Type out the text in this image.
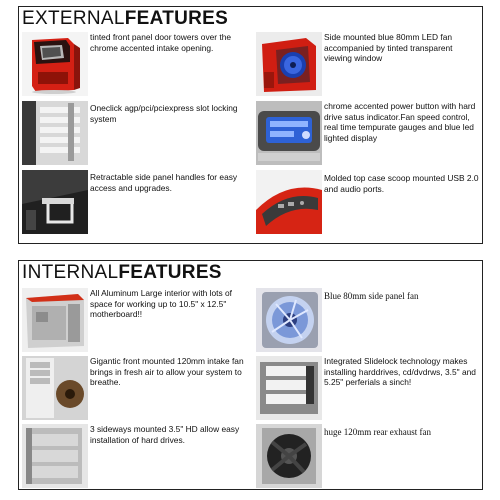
EXTERNALFEATURES
tinted front panel door towers over the chrome accented intake opening.
Side mounted blue 80mm LED fan accompanied by tinted transparent viewing window
Oneclick agp/pci/pciexpress slot locking system
chrome accented power button with hard drive satus indicator.Fan speed control, real time tempurate gauges and blue led lighted display
Retractable side panel handles for easy access and upgrades.
Molded top case scoop mounted USB 2.0 and audio ports.
INTERNALFEATURES
All Aluminum Large interior with lots of space for working up to 10.5" x 12.5" motherboard!!
Blue 80mm side panel fan
Gigantic front mounted 120mm intake fan brings in fresh air to allow your system to breathe.
Integrated Slidelock technology makes installing harddrives, cd/dvdrws, 3.5" and 5.25" perferials a sinch!
3 sideways mounted 3.5" HD allow easy installation of hard drives.
huge 120mm rear exhaust fan
